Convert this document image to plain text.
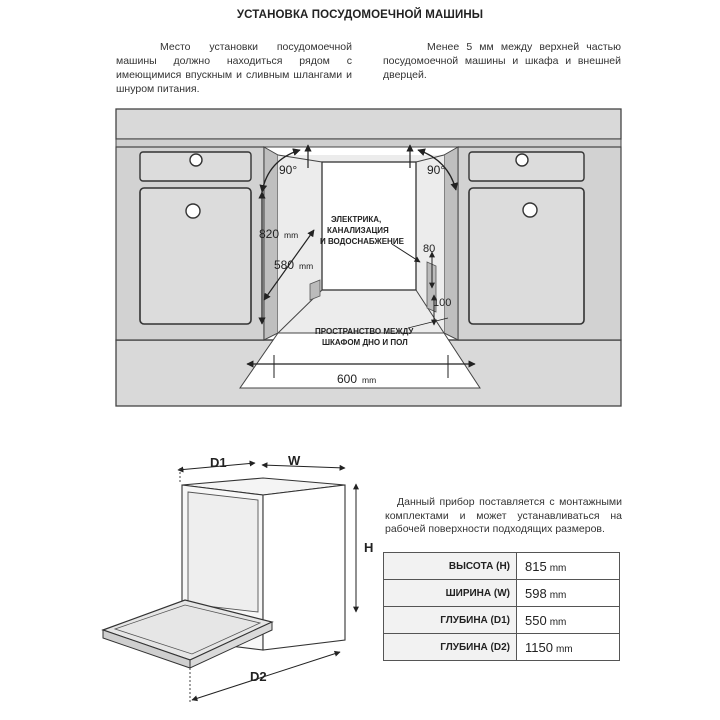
УСТАНОВКА ПОСУДОМОЕЧНОЙ МАШИНЫ
Место установки посудомоечной машины должно находиться рядом с имеющимися впускным и сливным шлангами и шнуром питания.
Менее 5 мм между верхней частью посудомоечной машины и шкафа и внешней дверцей.
90°	90°
820 mm
580 mm
600 mm
ЭЛЕКТРИКА,
КАНАЛИЗАЦИЯ
И ВОДОСНАБЖЕНИЕ
80
100
ПРОСТРАНСТВО МЕЖДУ
ШКАФОМ ДНО И ПОЛ
D1	W
H
D2
Данный прибор поставляется с монтажными комплектами и может устанавливаться на рабочей поверхности подходящих размеров.
ВЫСОТА (H)	815 mm
ШИРИНА (W)	598 mm
ГЛУБИНА (D1)	550 mm
ГЛУБИНА (D2)	1150 mm
